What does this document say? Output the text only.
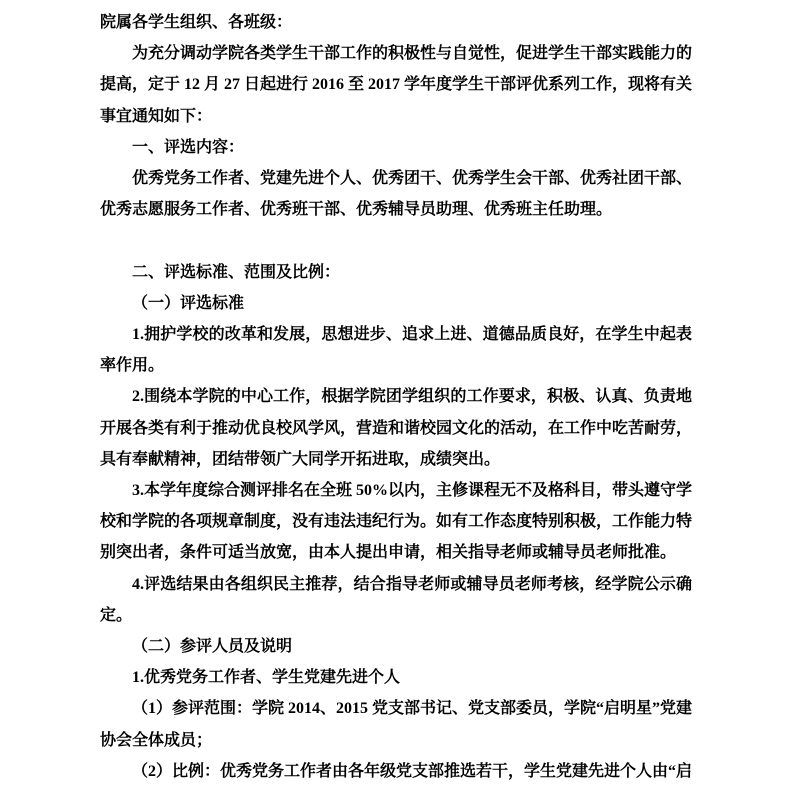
院属各学生组织、各班级：

为充分调动学院各类学生干部工作的积极性与自觉性，促进学生干部实践能力的提高，定于 12 月 27 日起进行 2016 至 2017 学年度学生干部评优系列工作，现将有关事宜通知如下：

一、评选内容：

优秀党务工作者、党建先进个人、优秀团干、优秀学生会干部、优秀社团干部、优秀志愿服务工作者、优秀班干部、优秀辅导员助理、优秀班主任助理。

二、评选标准、范围及比例：

（一）评选标准

1.拥护学校的改革和发展，思想进步、追求上进、道德品质良好，在学生中起表率作用。

2.围绕本学院的中心工作，根据学院团学组织的工作要求，积极、认真、负责地开展各类有利于推动优良校风学风，营造和谐校园文化的活动，在工作中吃苦耐劳，具有奉献精神，团结带领广大同学开拓进取，成绩突出。

3.本学年度综合测评排名在全班 50%以内，主修课程无不及格科目，带头遵守学校和学院的各项规章制度，没有违法违纪行为。如有工作态度特别积极，工作能力特别突出者，条件可适当放宽，由本人提出申请，相关指导老师或辅导员老师批准。

4.评选结果由各组织民主推荐，结合指导老师或辅导员老师考核，经学院公示确定。

（二）参评人员及说明

1.优秀党务工作者、学生党建先进个人

（1）参评范围：学院 2014、2015 党支部书记、党支部委员，学院“启明星”党建协会全体成员；

（2）比例：优秀党务工作者由各年级党支部推选若干，学生党建先进个人由“启
